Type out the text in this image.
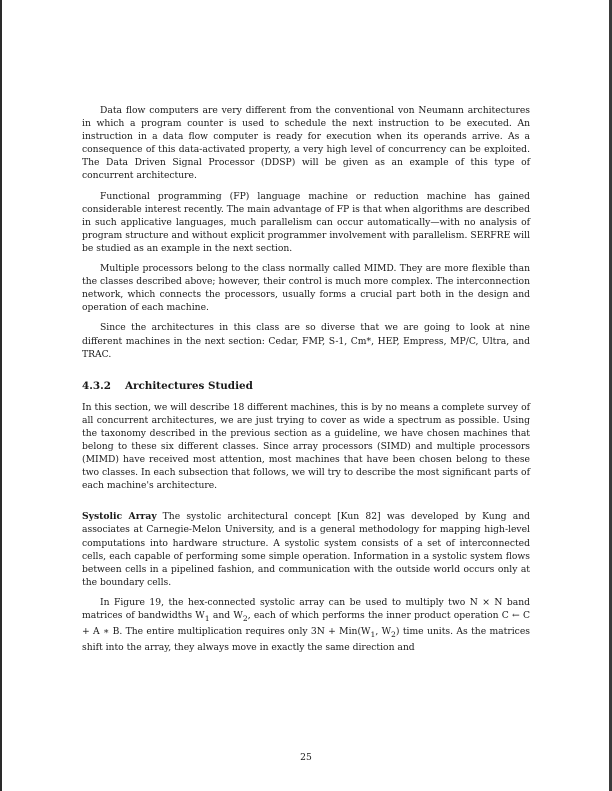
Data flow computers are very different from the conventional von Neumann architectures in which a program counter is used to schedule the next instruction to be executed. An instruction in a data flow computer is ready for execution when its operands arrive. As a consequence of this data-activated property, a very high level of concurrency can be exploited. The Data Driven Signal Processor (DDSP) will be given as an example of this type of concurrent architecture.

Functional programming (FP) language machine or reduction machine has gained considerable interest recently. The main advantage of FP is that when algorithms are described in such applicative languages, much parallelism can occur automatically—with no analysis of program structure and without explicit programmer involvement with parallelism. SERFRE will be studied as an example in the next section.

Multiple processors belong to the class normally called MIMD. They are more flexible than the classes described above; however, their control is much more complex. The interconnection network, which connects the processors, usually forms a crucial part both in the design and operation of each machine.

Since the architectures in this class are so diverse that we are going to look at nine different machines in the next section: Cedar, FMP, S-1, Cm*, HEP, Empress, MP/C, Ultra, and TRAC.

4.3.2 Architectures Studied

In this section, we will describe 18 different machines, this is by no means a complete survey of all concurrent architectures, we are just trying to cover as wide a spectrum as possible. Using the taxonomy described in the previous section as a guideline, we have chosen machines that belong to these six different classes. Since array processors (SIMD) and multiple processors (MIMD) have received most attention, most machines that have been chosen belong to these two classes. In each subsection that follows, we will try to describe the most significant parts of each machine's architecture.

Systolic Array The systolic architectural concept [Kun 82] was developed by Kung and associates at Carnegie-Melon University, and is a general methodology for mapping high-level computations into hardware structure. A systolic system consists of a set of interconnected cells, each capable of performing some simple operation. Information in a systolic system flows between cells in a pipelined fashion, and communication with the outside world occurs only at the boundary cells.

In Figure 19, the hex-connected systolic array can be used to multiply two N × N band matrices of bandwidths $W_1$ and $W_2$, each of which performs the inner product operation C ← C + A ∗ B. The entire multiplication requires only $3N + Min(W_1$, $W_2$) time units. As the matrices shift into the array, they always move in exactly the same direction and

25
